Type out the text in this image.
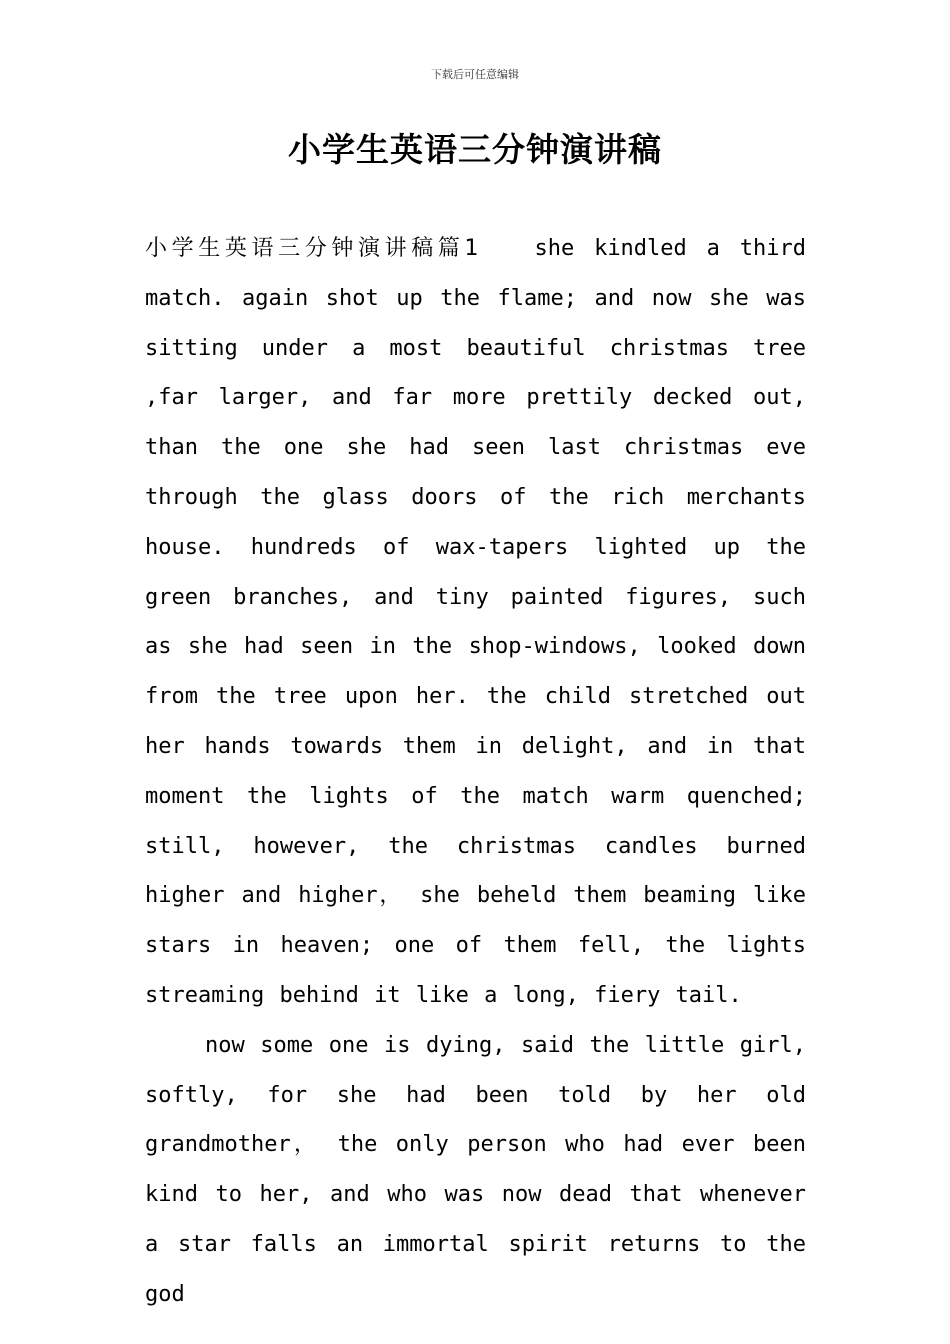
下载后可任意编辑
小学生英语三分钟演讲稿

小学生英语三分钟演讲稿篇1	she kindled a third match. again shot up the flame; and now she was sitting under a most beautiful christmas tree ,far larger, and far more prettily decked out, than the one she had seen last christmas eve through the glass doors of the rich merchants house. hundreds of wax-tapers lighted up the green branches, and tiny painted figures, such as she had seen in the shop-windows, looked down from the tree upon her. the child stretched out her hands towards them in delight, and in that moment the lights of the match warm quenched; still, however, the christmas candles burned higher and higher， she beheld them beaming like stars in heaven; one of them fell, the lights streaming behind it like a long, fiery tail.

now some one is dying, said the little girl, softly, for she had been told by her old grandmother， the only person who had ever been kind to her, and who was now dead that whenever a star falls an immortal spirit returns to the god
